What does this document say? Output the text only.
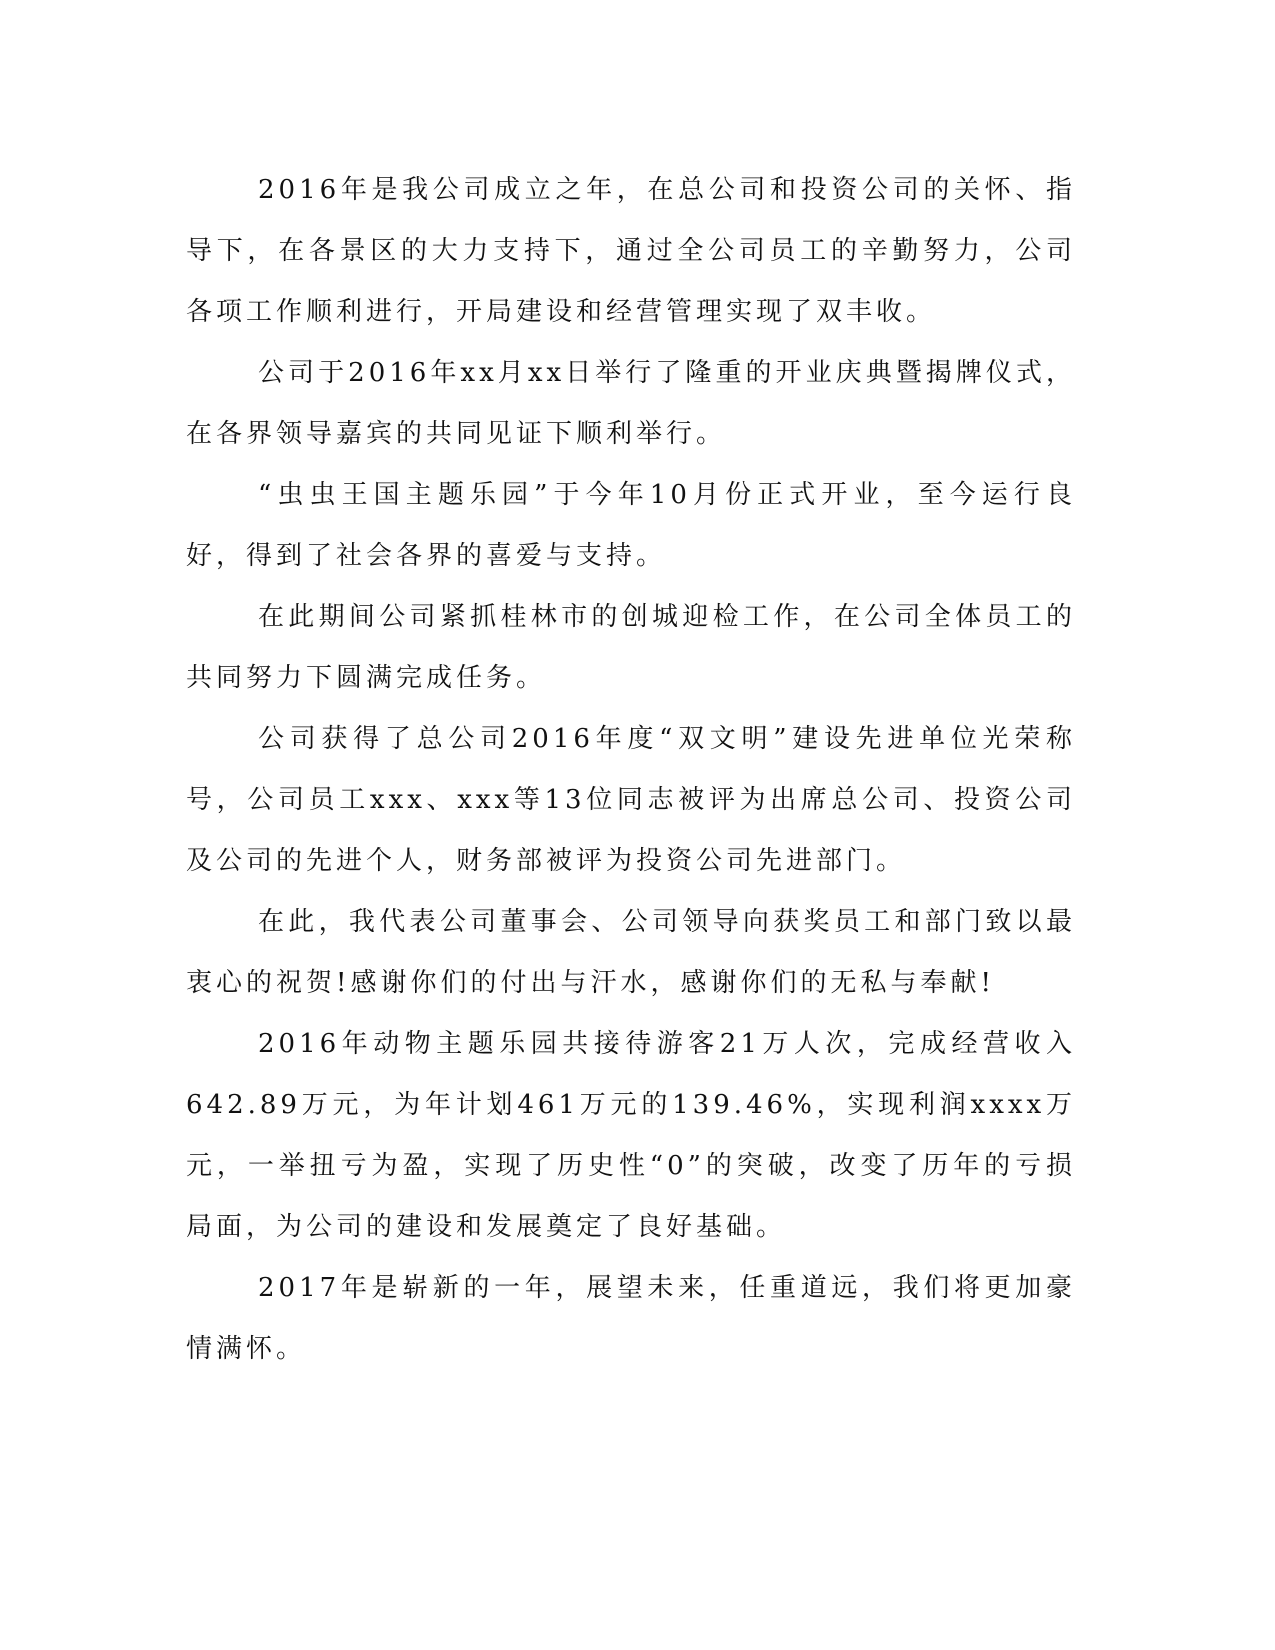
2016年是我公司成立之年，在总公司和投资公司的关怀、指导下，在各景区的大力支持下，通过全公司员工的辛勤努力，公司各项工作顺利进行，开局建设和经营管理实现了双丰收。

公司于2016年xx月xx日举行了隆重的开业庆典暨揭牌仪式，在各界领导嘉宾的共同见证下顺利举行。

“虫虫王国主题乐园”于今年10月份正式开业，至今运行良好，得到了社会各界的喜爱与支持。

在此期间公司紧抓桂林市的创城迎检工作，在公司全体员工的共同努力下圆满完成任务。

公司获得了总公司2016年度“双文明”建设先进单位光荣称号，公司员工xxx、xxx等13位同志被评为出席总公司、投资公司及公司的先进个人，财务部被评为投资公司先进部门。

在此，我代表公司董事会、公司领导向获奖员工和部门致以最衷心的祝贺!感谢你们的付出与汗水，感谢你们的无私与奉献!

2016年动物主题乐园共接待游客21万人次，完成经营收入642.89万元，为年计划461万元的139.46%，实现利润xxxx万元，一举扭亏为盈，实现了历史性“0”的突破，改变了历年的亏损局面，为公司的建设和发展奠定了良好基础。

2017年是崭新的一年，展望未来，任重道远，我们将更加豪情满怀。
